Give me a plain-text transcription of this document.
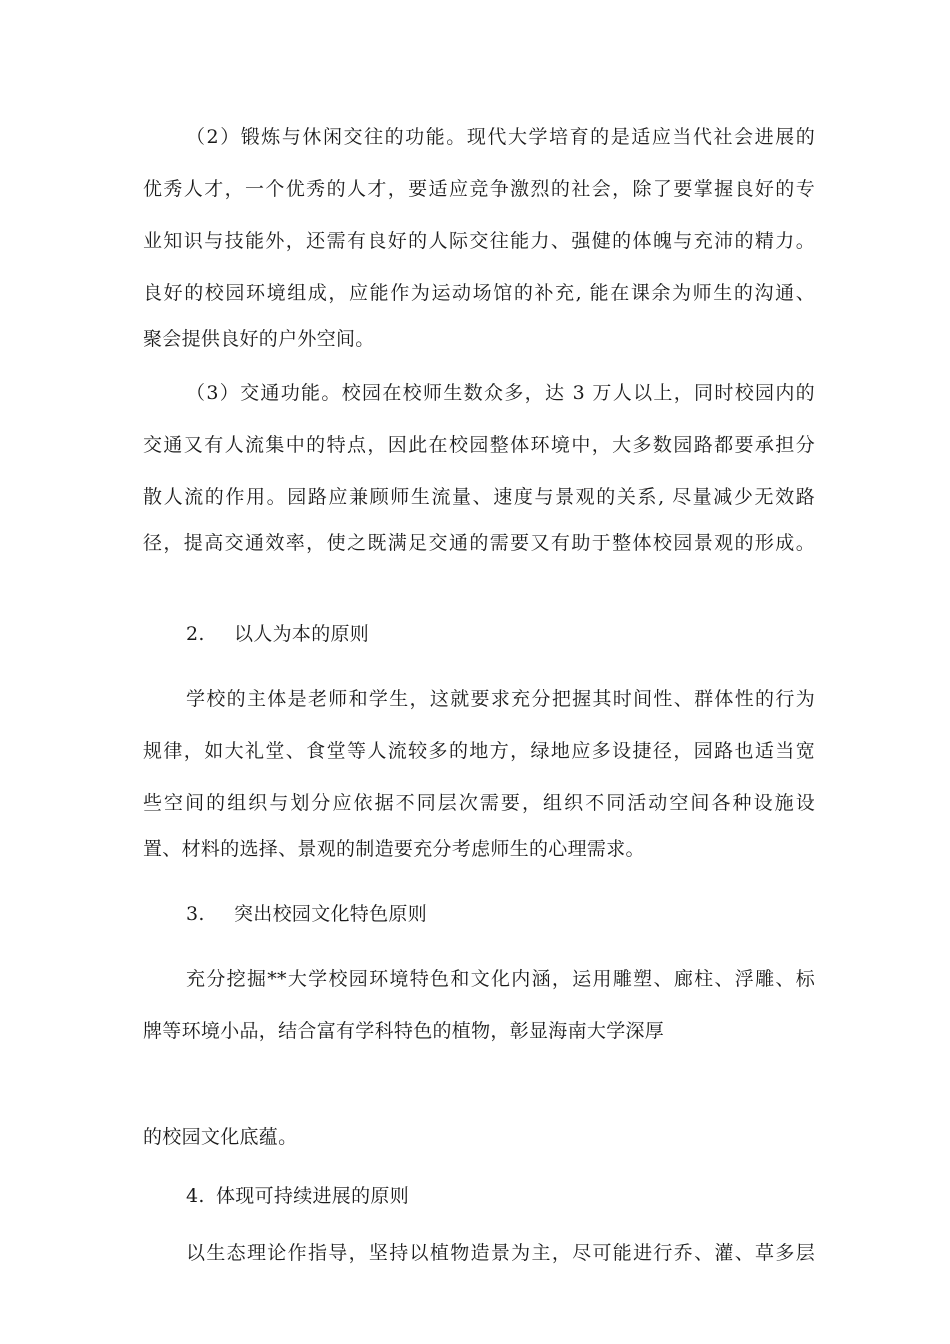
（2）锻炼与休闲交往的功能。现代大学培育的是适应当代社会进展的
优秀人才，一个优秀的人才，要适应竞争激烈的社会，除了要掌握良好的专
业知识与技能外，还需有良好的人际交往能力、强健的体魄与充沛的精力。
良好的校园环境组成，应能作为运动场馆的补充, 能在课余为师生的沟通、
聚会提供良好的户外空间。
（3）交通功能。校园在校师生数众多，达 3 万人以上，同时校园内的
交通又有人流集中的特点，因此在校园整体环境中，大多数园路都要承担分
散人流的作用。园路应兼顾师生流量、速度与景观的关系, 尽量减少无效路
径，提高交通效率，使之既满足交通的需要又有助于整体校园景观的形成。
2. 以人为本的原则
学校的主体是老师和学生，这就要求充分把握其时间性、群体性的行为
规律，如大礼堂、食堂等人流较多的地方，绿地应多设捷径，园路也适当宽
些空间的组织与划分应依据不同层次需要，组织不同活动空间各种设施设
置、材料的选择、景观的制造要充分考虑师生的心理需求。
3. 突出校园文化特色原则
充分挖掘**大学校园环境特色和文化内涵，运用雕塑、廊柱、浮雕、标
牌等环境小品，结合富有学科特色的植物，彰显海南大学深厚
的校园文化底蕴。
4. 体现可持续进展的原则
以生态理论作指导，坚持以植物造景为主，尽可能进行乔、灌、草多层
